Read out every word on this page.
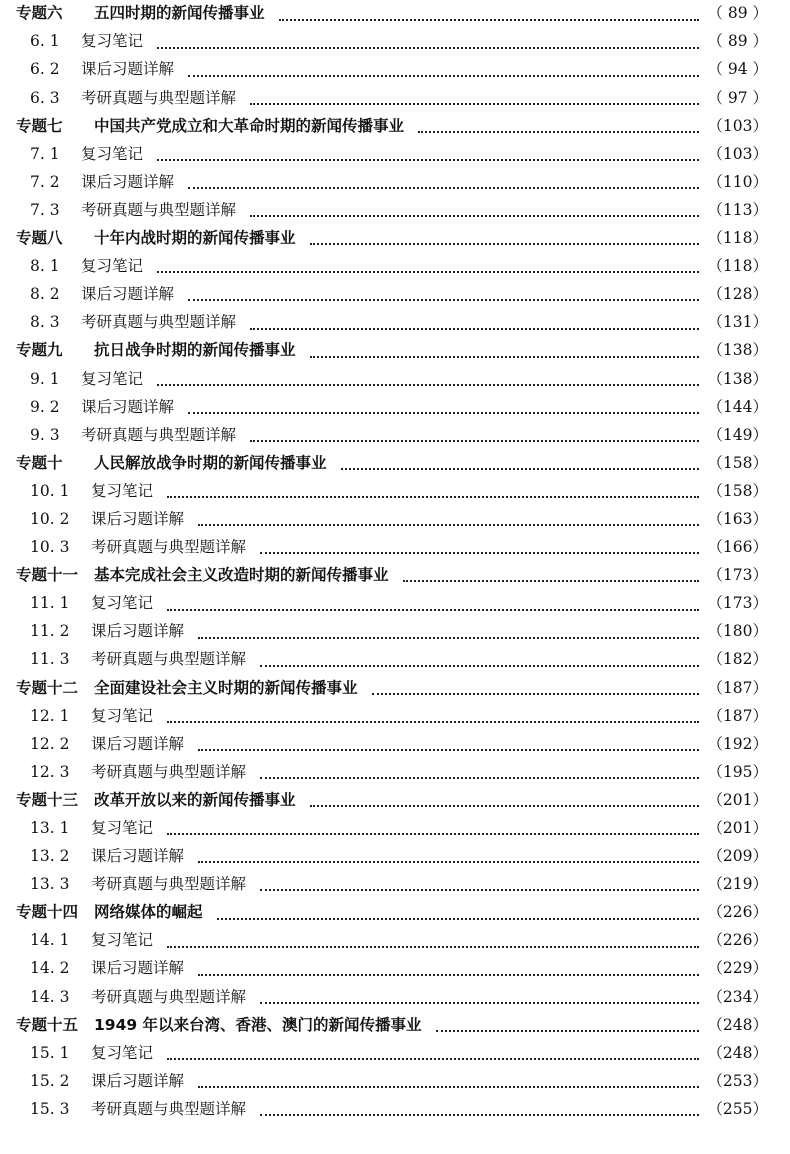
专题六	五四时期的新闻传播事业	（ 89 ）
6. 1	复习笔记	（ 89 ）
6. 2	课后习题详解	（ 94 ）
6. 3	考研真题与典型题详解	（ 97 ）
专题七	中国共产党成立和大革命时期的新闻传播事业	（103）
7. 1	复习笔记	（103）
7. 2	课后习题详解	（110）
7. 3	考研真题与典型题详解	（113）
专题八	十年内战时期的新闻传播事业	（118）
8. 1	复习笔记	（118）
8. 2	课后习题详解	（128）
8. 3	考研真题与典型题详解	（131）
专题九	抗日战争时期的新闻传播事业	（138）
9. 1	复习笔记	（138）
9. 2	课后习题详解	（144）
9. 3	考研真题与典型题详解	（149）
专题十	人民解放战争时期的新闻传播事业	（158）
10. 1	复习笔记	（158）
10. 2	课后习题详解	（163）
10. 3	考研真题与典型题详解	（166）
专题十一	基本完成社会主义改造时期的新闻传播事业	（173）
11. 1	复习笔记	（173）
11. 2	课后习题详解	（180）
11. 3	考研真题与典型题详解	（182）
专题十二	全面建设社会主义时期的新闻传播事业	（187）
12. 1	复习笔记	（187）
12. 2	课后习题详解	（192）
12. 3	考研真题与典型题详解	（195）
专题十三	改革开放以来的新闻传播事业	（201）
13. 1	复习笔记	（201）
13. 2	课后习题详解	（209）
13. 3	考研真题与典型题详解	（219）
专题十四	网络媒体的崛起	（226）
14. 1	复习笔记	（226）
14. 2	课后习题详解	（229）
14. 3	考研真题与典型题详解	（234）
专题十五	1949 年以来台湾、香港、澳门的新闻传播事业	（248）
15. 1	复习笔记	（248）
15. 2	课后习题详解	（253）
15. 3	考研真题与典型题详解	（255）
